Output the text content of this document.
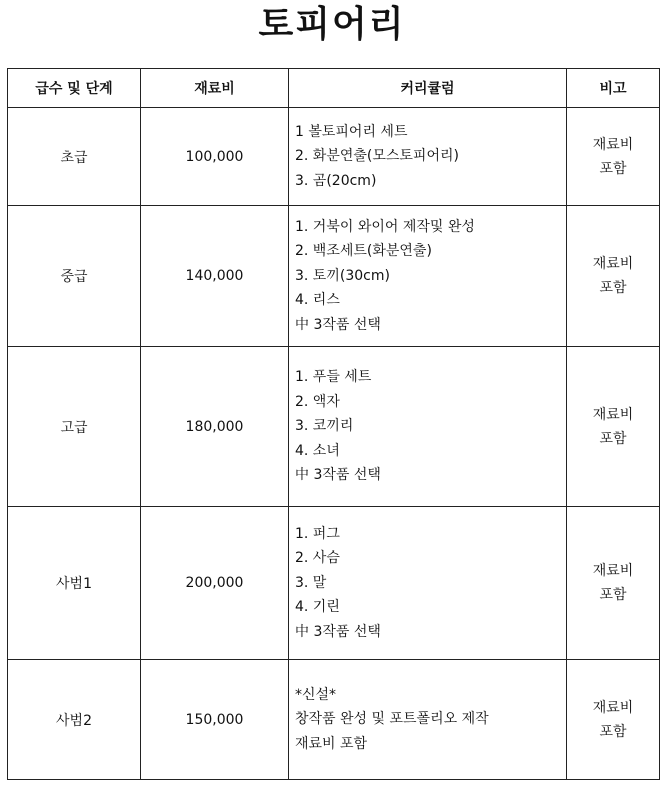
토피어리
급수 및 단계	재료비	커리큘럼	비고
초급	100,000	1 볼토피어리 세트
2. 화분연출(모스토피어리)
3. 곰(20cm)	재료비
포함

중급	140,000	1. 거북이 와이어 제작및 완성
2. 백조세트(화분연출)
3. 토끼(30cm)
4. 리스
中 3작품 선택	재료비
포함

고급	180,000	1. 푸들 세트
2. 액자
3. 코끼리
4. 소녀
中 3작품 선택	재료비
포함

사범1	200,000	1. 퍼그
2. 사슴
3. 말
4. 기린
中 3작품 선택	재료비
포함

사범2	150,000	*신설*
창작품 완성 및 포트폴리오 제작
재료비 포함	재료비
포함
